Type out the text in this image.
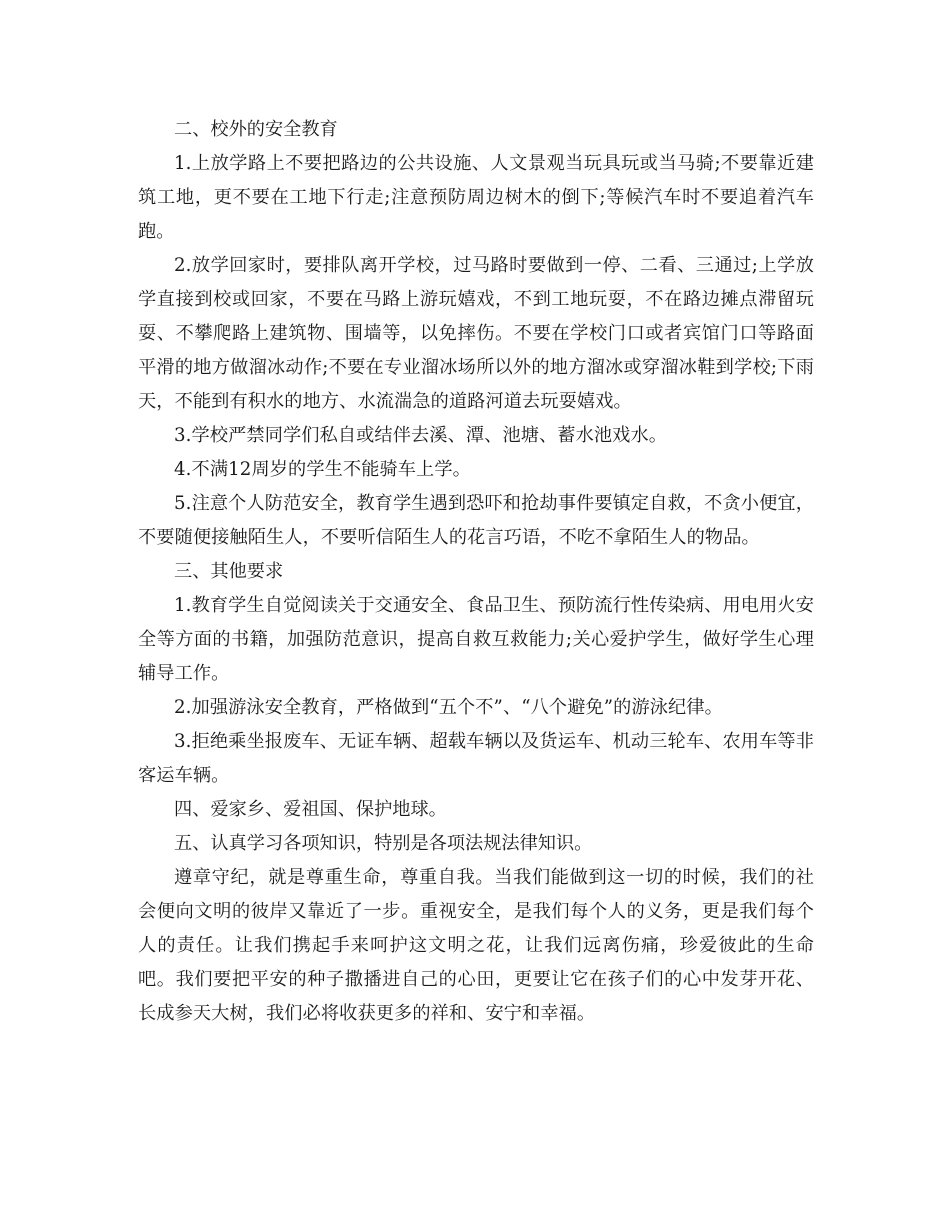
二、校外的安全教育

1.上放学路上不要把路边的公共设施、人文景观当玩具玩或当马骑;不要靠近建筑工地，更不要在工地下行走;注意预防周边树木的倒下;等候汽车时不要追着汽车跑。

2.放学回家时，要排队离开学校，过马路时要做到一停、二看、三通过;上学放学直接到校或回家，不要在马路上游玩嬉戏，不到工地玩耍，不在路边摊点滞留玩耍、不攀爬路上建筑物、围墙等，以免摔伤。不要在学校门口或者宾馆门口等路面平滑的地方做溜冰动作;不要在专业溜冰场所以外的地方溜冰或穿溜冰鞋到学校;下雨天，不能到有积水的地方、水流湍急的道路河道去玩耍嬉戏。

3.学校严禁同学们私自或结伴去溪、潭、池塘、蓄水池戏水。

4.不满12周岁的学生不能骑车上学。

5.注意个人防范安全，教育学生遇到恐吓和抢劫事件要镇定自救，不贪小便宜，不要随便接触陌生人，不要听信陌生人的花言巧语，不吃不拿陌生人的物品。

三、其他要求

1.教育学生自觉阅读关于交通安全、食品卫生、预防流行性传染病、用电用火安全等方面的书籍，加强防范意识，提高自救互救能力;关心爱护学生，做好学生心理辅导工作。

2.加强游泳安全教育，严格做到“五个不”、“八个避免”的游泳纪律。

3.拒绝乘坐报废车、无证车辆、超载车辆以及货运车、机动三轮车、农用车等非客运车辆。

四、爱家乡、爱祖国、保护地球。

五、认真学习各项知识，特别是各项法规法律知识。

遵章守纪，就是尊重生命，尊重自我。当我们能做到这一切的时候，我们的社会便向文明的彼岸又靠近了一步。重视安全，是我们每个人的义务，更是我们每个人的责任。让我们携起手来呵护这文明之花，让我们远离伤痛，珍爱彼此的生命吧。我们要把平安的种子撒播进自己的心田，更要让它在孩子们的心中发芽开花、长成参天大树，我们必将收获更多的祥和、安宁和幸福。
